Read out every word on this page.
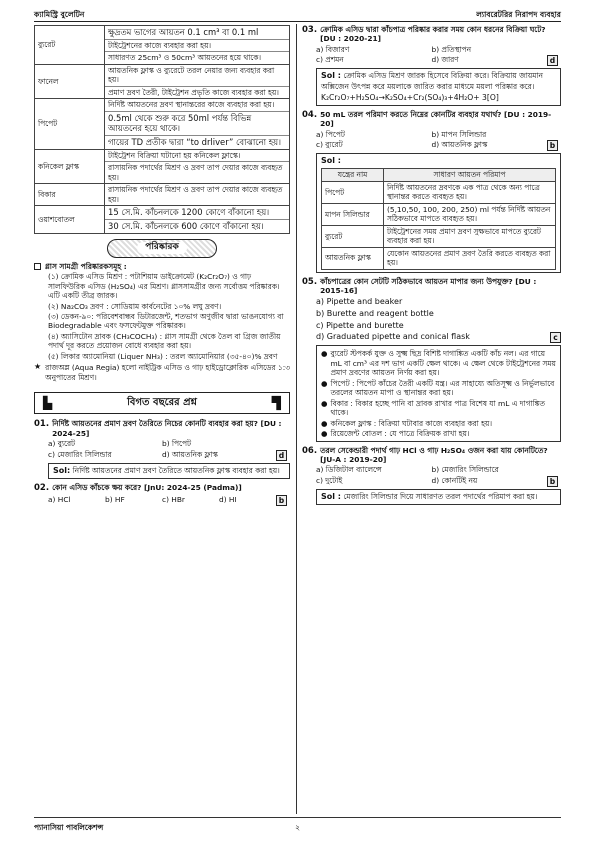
ক্যামিস্ট্রি বুলেটিন	ল্যাবরেটরির নিরাপদ ব্যবহার
ব্যুরেট	ক্ষুদ্রতম ভাগের আয়তন 0.1 cm³ বা 0.1 ml
টাইট্রেশনের কাজে ব্যবহার করা হয়।
সাধারণত 25cm³ ও 50cm³ আয়তনের হয়ে থাকে।

ফানেল	আয়তনিক ফ্লাস্ক ও ব্যুরেটে তরল নেয়ার জন্য ব্যবহার করা হয়।
প্রমাণ দ্রবণ তৈরী, টাইট্রেশন প্রভৃতি কাজে ব্যবহার করা হয়।

পিপেট	নির্দিষ্ট আয়তনের দ্রবণ স্থানান্তরের কাজে ব্যবহার করা হয়।
0.5ml থেকে শুরু করে 50ml পর্যন্ত বিভিন্ন আয়তনের হয়ে থাকে।
গায়ের TD প্রতীক দ্বারা “to drliver” বোঝানো হয়।

কনিকেল ফ্লাস্ক	টাইট্রেশন বিক্রিয়া ঘটানো হয় কনিকেল ফ্লাস্কে।
রাসায়নিক পদার্থের মিশ্রণ ও দ্রবণ তাপ দেয়ার কাজে ব্যবহৃত হয়।

বিকার	রাসায়নিক পদার্থের মিশ্রণ ও দ্রবণ তাপ দেয়ার কাজে ব্যবহৃত হয়।

ওয়াশবোতল	15 সে.মি. কাঁচনলকে 1200 কোণে বাঁকানো হয়।
30 সে.মি. কাঁচনলকে 600 কোণে বাঁকানো হয়।
পরিষ্কারক
গ্লাস সামগ্রী পরিষ্কারকসমূহ :
(১) ক্রোমিক এসিড মিশ্রণ : পটাশিয়াম ডাইক্রোমেট (K₂Cr₂O₇) ও গাঢ় সালফিউরিক এসিড (H₂SO₄) এর মিশ্রণ। গ্লাসসামগ্রীর জন্য সর্বোত্তম পরিষ্কারক। এটি একটি তীব্র জারক।
(২) Na₂CO₃ দ্রবণ : সোডিয়াম কার্বনেটের ১০% লঘু দ্রবণ।
(৩) ডেকন-৯০: পরিবেশবান্ধব ডিটারজেন্ট, শতভাগ অণুজীব দ্বারা ভাঙনযোগ্য বা Biodegradable এবং ফসফেটমুক্ত পরিষ্কারক।
(৪) অ্যাসিটোন দ্রাবক (CH₃COCH₃) : গ্লাস সামগ্রী থেকে তৈল বা গ্রিজ জাতীয় পদার্থ দূর করতে প্রয়োজন বোধে ব্যবহার করা হয়।
(৫) লিকার অ্যামোনিয়া (Liquer NH₃) : তরল অ্যামোনিয়ার (৩৫-৪০)% দ্রবণ
★ রাজঅম্ল (Aqua Regia) হলো নাইট্রিক এসিড ও গাঢ় হাইড্রোক্লোরিক এসিডের ১:৩ অনুপাতের মিশ্রণ।
▙	বিগত বছরের প্রশ্ন	▜
01. নির্দিষ্ট আয়তনের প্রমাণ দ্রবণ তৈরিতে নিচের কোনটি ব্যবহার করা হয়? [DU : 2024-25]
a) ব্যুরেট	b) পিপেট
c) মেজারিং সিলিন্ডার	d) আয়তনিক ফ্লাস্ক	d
Sol: নির্দিষ্ট আয়তনের প্রমাণ দ্রবণ তৈরিতে আয়তনিক ফ্লাস্ক ব্যবহার করা হয়।
02. কোন এসিড কাঁচকে ক্ষয় করে? [JnU: 2024-25 (Padma)]
a) HCl	b) HF	c) HBr	d) HI	b
03. ক্রোমিক এসিড দ্বারা কাঁচপাত্র পরিষ্কার করার সময় কোন ধরনের বিক্রিয়া ঘটে? [DU : 2020-21]
a) বিজারণ	b) প্রতিস্থাপন
c) প্রশমন	d) জারণ	d
Sol : ক্রোমিক এসিড মিশ্রণ জারক হিসেবে বিক্রিয়া করে। বিক্রিয়ায় জায়মান অক্সিজেন উৎপন্ন করে ময়লাকে জারিত করার মাধ্যমে ময়লা পরিষ্কার করে।
K₂Cr₂O₇+H₂SO₄→K₂SO₄+Cr₂(SO₄)₃+4H₂O+ 3[O]
04. 50 mL তরল পরিমাণ করতে নিম্নের কোনটির ব্যবহার যথার্থ? [DU : 2019-20]
a) পিপেট	b) মাপন সিলিন্ডার
c) ব্যুরেট	d) আয়তনিক ফ্লাস্ক	b
Sol :
যন্ত্রের নাম	সাধারণ আয়তন পরিমাপ
পিপেট	নির্দিষ্ট আয়তনের দ্রবণকে এক পাত্র থেকে অন্য পাত্রে স্থানান্তর করতে ব্যবহৃত হয়।
মাপন সিলিন্ডার	(5,10,50, 100, 200, 250) ml পর্যন্ত নির্দিষ্ট আয়তন সঠিকভাবে মাপতে ব্যবহৃত হয়।
ব্যুরেট	টাইট্রেশনের সময় প্রমাণ দ্রবণ সুক্ষভাবে মাপতে ব্যুরেট ব্যবহার করা হয়।
আয়তনিক ফ্লাস্ক	যেকোন আয়তনের প্রমাণ দ্রবণ তৈরি করতে ব্যবহৃত করা হয়।
05. কাঁচপাত্রের কোন সেটটি সঠিকভাবে আয়তন মাপার জন্য উপযুক্ত? [DU : 2015-16]
a) Pipette and beaker
b) Burette and reagent bottle
c) Pipette and burette
d) Graduated pipette and conical flask	c
● ব্যুরেট স্টপকর্ক যুক্ত ও সুক্ষ্ম ছিদ্র বিশিষ্ট দাগাঙ্কিত একটি কাঁচ নল। এর গায়ে mL বা cm³ এর দশ ভাগ একটি ক্ষেল থাকে। এ ক্ষেল থেকে টাইট্রেশনের সময় প্রমাণ দ্রবণের আয়তন নির্ণয় করা হয়।
● পিপেট : পিপেট কাঁচের তৈরী একটি যন্ত্র। এর সাহায্যে অতিসূক্ষ্ম ও নির্ভুলভাবে তরলের আয়তন মাপা ও স্থানান্তর করা হয়।
● বিকার : বিকার হচ্ছে পানি বা দ্রাবক রাখার পাত্র বিশেষ যা mL এ দাগাঙ্কিত থাকে।
● কনিকেল ফ্লাস্ক : বিক্রিয়া ঘটাবার কাজে ব্যবহার করা হয়।
● রিয়েজেন্ট বোতল : যে পাত্রে বিক্রিয়ক রাখা হয়।
06. তরল সেকেন্ডারী পদার্থ গাঢ় HCl ও গাঢ় H₂SO₄ ওজন করা যায় কোনটিতে? [JU-A : 2019-20]
a) ডিজিটাল ব্যালেন্সে	b) মেজারিং সিলিন্ডারে
c) দুটোই	d) কোনটিই নয়	b
Sol : মেজারিং সিলিন্ডার দিয়ে সাধারণত তরল পদার্থের পরিমাপ করা হয়।
প্যানাসিয়া পাবলিকেশন্স	২
